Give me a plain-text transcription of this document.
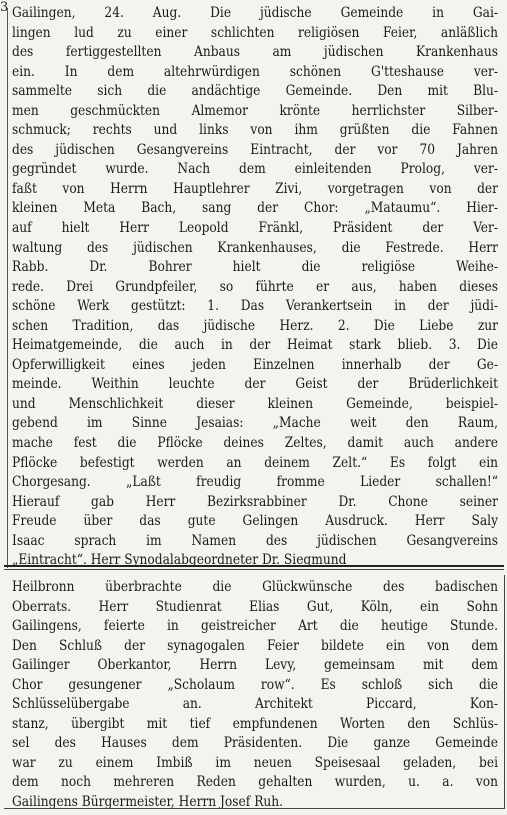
3 Gailingen, 24. Aug. Die jüdische Gemeinde in Gai-
lingen lud zu einer schlichten religiösen Feier, anläßlich
des fertiggestellten Anbaus am jüdischen Krankenhaus
ein. In dem altehrwürdigen schönen G'tteshause ver-
sammelte sich die andächtige Gemeinde. Den mit Blu-
men geschmückten Almemor krönte herrlichster Silber-
schmuck; rechts und links von ihm grüßten die Fahnen
des jüdischen Gesangvereins Eintracht, der vor 70 Jahren
gegründet wurde. Nach dem einleitenden Prolog, ver-
faßt von Herrn Hauptlehrer Zivi, vorgetragen von der
kleinen Meta Bach, sang der Chor: „Mataumu“. Hier-
auf hielt Herr Leopold Fränkl, Präsident der Ver-
waltung des jüdischen Krankenhauses, die Festrede. Herr
Rabb. Dr. Bohrer hielt die religiöse Weihe-
rede. Drei Grundpfeiler, so führte er aus, haben dieses
schöne Werk gestützt: 1. Das Verankertsein in der jüdi-
schen Tradition, das jüdische Herz. 2. Die Liebe zur
Heimatgemeinde, die auch in der Heimat stark blieb. 3. Die
Opferwilligkeit eines jeden Einzelnen innerhalb der Ge-
meinde. Weithin leuchte der Geist der Brüderlichkeit
und Menschlichkeit dieser kleinen Gemeinde, beispiel-
gebend im Sinne Jesaias: „Mache weit den Raum,
mache fest die Pflöcke deines Zeltes, damit auch andere
Pflöcke befestigt werden an deinem Zelt.“ Es folgt ein
Chorgesang. „Laßt freudig fromme Lieder schallen!“
Hierauf gab Herr Bezirksrabbiner Dr. Chone seiner
Freude über das gute Gelingen Ausdruck. Herr Saly
Isaac sprach im Namen des jüdischen Gesangvereins
„Eintracht“. Herr Synodalabgeordneter Dr. Siegmund
Heilbronn überbrachte die Glückwünsche des badischen
Oberrats. Herr Studienrat Elias Gut, Köln, ein Sohn
Gailingens, feierte in geistreicher Art die heutige Stunde.
Den Schluß der synagogalen Feier bildete ein von dem
Gailinger Oberkantor, Herrn Levy, gemeinsam mit dem
Chor gesungener „Scholaum row“. Es schloß sich die
Schlüsselübergabe an. Architekt Piccard, Kon-
stanz, übergibt mit tief empfundenen Worten den Schlüs-
sel des Hauses dem Präsidenten. Die ganze Gemeinde
war zu einem Imbiß im neuen Speisesaal geladen, bei
dem noch mehreren Reden gehalten wurden, u. a. von
Gailingens Bürgermeister, Herrn Josef Ruh.
